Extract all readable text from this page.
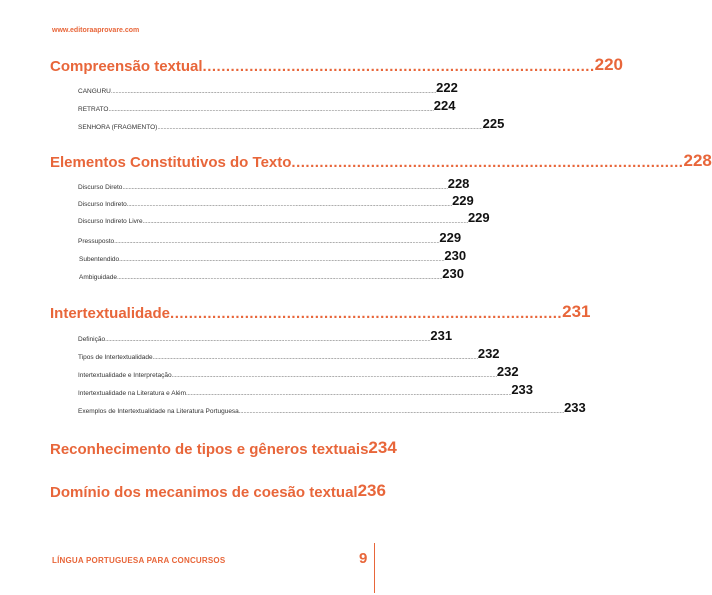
www.editoraaprovare.com
Compreensão textual .................................................................................... 220
CANGURU ........................................................................................................................................................................................................................ 222
RETRATO ........................................................................................................................................................................................................................ 224
SENHORA (FRAGMENTO) ........................................................................................................................................................................................................................ 225
Elementos Constitutivos do Texto .................................................................................... 228
Discurso Direto ........................................................................................................................................................................................................................ 228
Discurso Indireto ........................................................................................................................................................................................................................ 229
Discurso Indireto Livre ........................................................................................................................................................................................................................ 229
Pressuposto ........................................................................................................................................................................................................................ 229
Subentendido ........................................................................................................................................................................................................................ 230
Ambiguidade ........................................................................................................................................................................................................................ 230
Intertextualidade .................................................................................... 231
Definição ........................................................................................................................................................................................................................ 231
Tipos de Intertextualidade ........................................................................................................................................................................................................................ 232
Intertextualidade e Interpretação ........................................................................................................................................................................................................................ 232
Intertextualidade na Literatura e Além ........................................................................................................................................................................................................................ 233
Exemplos de Intertextualidade na Literatura Portuguesa ........................................................................................................................................................................................................................ 233
Reconhecimento de tipos e gêneros textuais 234
Domínio dos mecanimos de coesão textual 236
LÍNGUA PORTUGUESA PARA CONCURSOS	9
